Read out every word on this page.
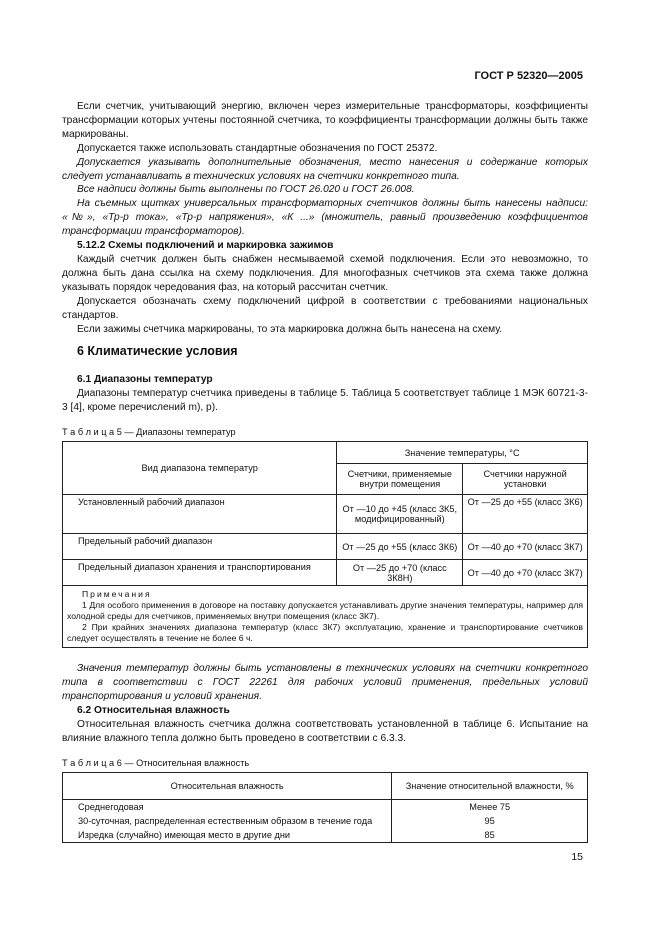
ГОСТ Р 52320—2005

Если счетчик, учитывающий энергию, включен через измерительные трансформаторы, коэффициенты трансформации которых учтены постоянной счетчика, то коэффициенты трансформации должны быть также маркированы.

Допускается также использовать стандартные обозначения по ГОСТ 25372.

Допускается указывать дополнительные обозначения, место нанесения и содержание которых следует устанавливать в технических условиях на счетчики конкретного типа.

Все надписи должны быть выполнены по ГОСТ 26.020 и ГОСТ 26.008.

На съемных щитках универсальных трансформаторных счетчиков должны быть нанесены надписи: «№», «Тр-р тока», «Тр-р напряжения», «К ...» (множитель, равный произведению коэффициентов трансформации трансформаторов).

5.12.2 Схемы подключений и маркировка зажимов

Каждый счетчик должен быть снабжен несмываемой схемой подключения. Если это невозможно, то должна быть дана ссылка на схему подключения. Для многофазных счетчиков эта схема также должна указывать порядок чередования фаз, на который рассчитан счетчик.

Допускается обозначать схему подключений цифрой в соответствии с требованиями национальных стандартов.

Если зажимы счетчика маркированы, то эта маркировка должна быть нанесена на схему.

6 Климатические условия
6.1 Диапазоны температур

Диапазоны температур счетчика приведены в таблице 5. Таблица 5 соответствует таблице 1 МЭК 60721-3-3 [4], кроме перечислений m), p).

Т а б л и ц а 5 — Диапазоны температур
Вид диапазона температур	Значение температуры, °С	
	Счетчики, применяемые внутри помещения	Счетчики наружной установки
Установленный рабочий диапазон	От —10 до +45 (класс 3К5, модифицированный)	От —25 до +55 (класс 3К6)
Предельный рабочий диапазон	От —25 до +55 (класс 3К6)	От —40 до +70 (класс 3К7)
Предельный диапазон хранения и транспортирования	От —25 до +70 (класс 3К8Н)	От —40 до +70 (класс 3К7)

Примечания
1 Для особого применения в договоре на поставку допускается устанавливать другие значения температуры, например для холодной среды для счетчиков, применяемых внутри помещения (класс 3К7).
2 При крайних значениях диапазона температур (класс 3К7) эксплуатацию, хранение и транспортирование счетчиков следует осуществлять в течение не более 6 ч.		

Значения температур должны быть установлены в технических условиях на счетчики конкретного типа в соответствии с ГОСТ 22261 для рабочих условий применения, предельных условий транспортирования и условий хранения.

6.2 Относительная влажность

Относительная влажность счетчика должна соответствовать установленной в таблице 6. Испытание на влияние влажного тепла должно быть проведено в соответствии с 6.3.3.

Т а б л и ц а 6 — Относительная влажность
Относительная влажность	Значение относительной влажности, %
Среднегодовая	Менее 75
30-суточная, распределенная естественным образом в течение года	95
Изредка (случайно) имеющая место в другие дни	85
15
